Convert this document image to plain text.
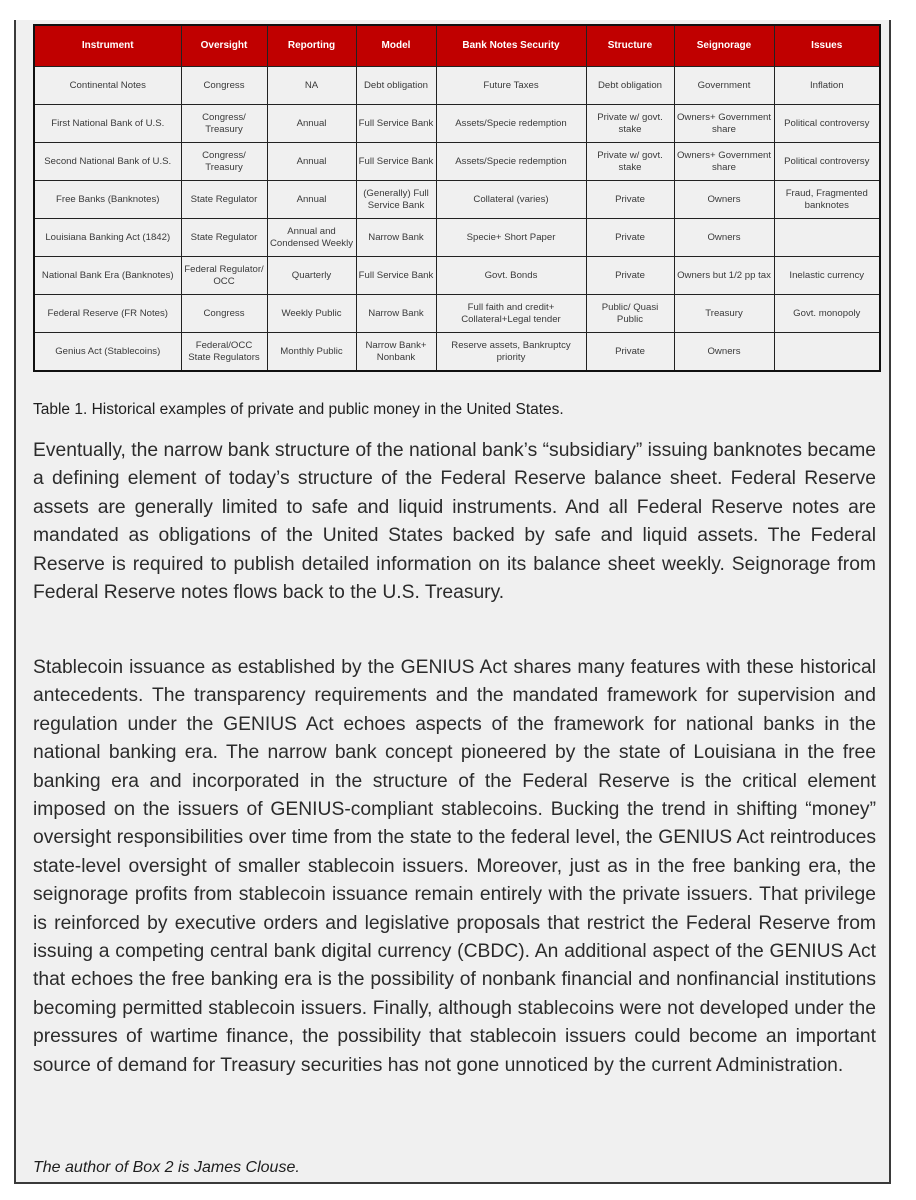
Instrument	Oversight	Reporting	Model	Bank Notes Security	Structure	Seignorage	Issues
Continental Notes	Congress	NA	Debt obligation	Future Taxes	Debt obligation	Government	Inflation
First National Bank of U.S.	Congress/ Treasury	Annual	Full Service Bank	Assets/Specie redemption	Private w/ govt. stake	Owners+ Government share	Political controversy
Second National Bank of U.S.	Congress/ Treasury	Annual	Full Service Bank	Assets/Specie redemption	Private w/ govt. stake	Owners+ Government share	Political controversy
Free Banks (Banknotes)	State Regulator	Annual	(Generally) Full Service Bank	Collateral (varies)	Private	Owners	Fraud, Fragmented banknotes
Louisiana Banking Act (1842)	State Regulator	Annual and Condensed Weekly	Narrow Bank	Specie+ Short Paper	Private	Owners	
National Bank Era (Banknotes)	Federal Regulator/ OCC	Quarterly	Full Service Bank	Govt. Bonds	Private	Owners but 1/2 pp tax	Inelastic currency
Federal Reserve (FR Notes)	Congress	Weekly Public	Narrow Bank	Full faith and credit+ Collateral+Legal tender	Public/ Quasi Public	Treasury	Govt. monopoly
Genius Act (Stablecoins)	Federal/OCC State Regulators	Monthly Public	Narrow Bank+ Nonbank	Reserve assets, Bankruptcy priority	Private	Owners	
Table 1. Historical examples of private and public money in the United States.

Eventually, the narrow bank structure of the national bank’s “subsidiary” issuing banknotes became a defining element of today’s structure of the Federal Reserve balance sheet. Federal Reserve assets are generally limited to safe and liquid instruments. And all Federal Reserve notes are mandated as obligations of the United States backed by safe and liquid assets. The Federal Reserve is required to publish detailed information on its balance sheet weekly. Seignorage from Federal Reserve notes flows back to the U.S. Treasury.

Stablecoin issuance as established by the GENIUS Act shares many features with these historical antecedents. The transparency requirements and the mandated framework for supervision and regulation under the GENIUS Act echoes aspects of the framework for national banks in the national banking era. The narrow bank concept pioneered by the state of Louisiana in the free banking era and incorporated in the structure of the Federal Reserve is the critical element imposed on the issuers of GENIUS-compliant stablecoins. Bucking the trend in shifting “money” oversight responsibilities over time from the state to the federal level, the GENIUS Act reintroduces state-level oversight of smaller stablecoin issuers. Moreover, just as in the free banking era, the seignorage profits from stablecoin issuance remain entirely with the private issuers. That privilege is reinforced by executive orders and legislative proposals that restrict the Federal Reserve from issuing a competing central bank digital currency (CBDC). An additional aspect of the GENIUS Act that echoes the free banking era is the possibility of nonbank financial and nonfinancial institutions becoming permitted stablecoin issuers. Finally, although stablecoins were not developed under the pressures of wartime finance, the possibility that stablecoin issuers could become an important source of demand for Treasury securities has not gone unnoticed by the current Administration.

The author of Box 2 is James Clouse.
